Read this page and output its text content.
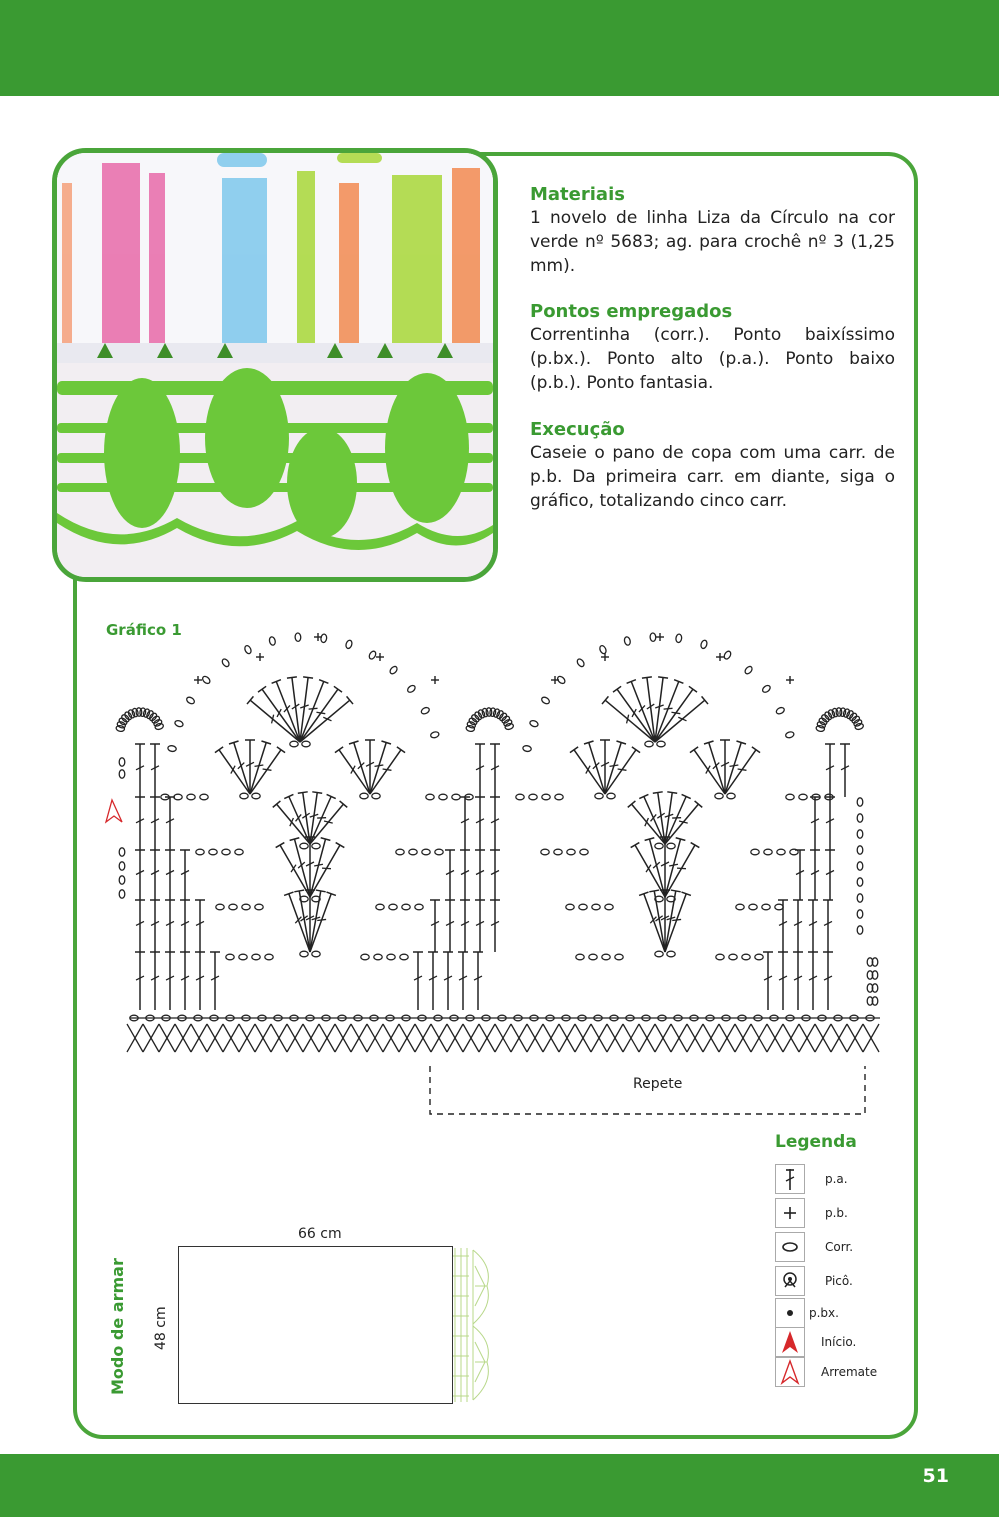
Materiais

1 novelo de linha Liza da Círculo na cor verde nº 5683; ag. para crochê nº 3 (1,25 mm).

Pontos empregados

Correntinha (corr.). Ponto baixíssimo (p.bx.). Ponto alto (p.a.). Ponto baixo (p.b.). Ponto fantasia.

Execução

Caseie o pano de copa com uma carr. de p.b. Da primeira carr. em diante, siga o gráfico, totalizando cinco carr.

Gráfico 1
Repete
Legenda
p.a.
p.b.
Corr.
Picô.
p.bx.
Início.
Arremate
Modo de armar
66 cm
48 cm
51
